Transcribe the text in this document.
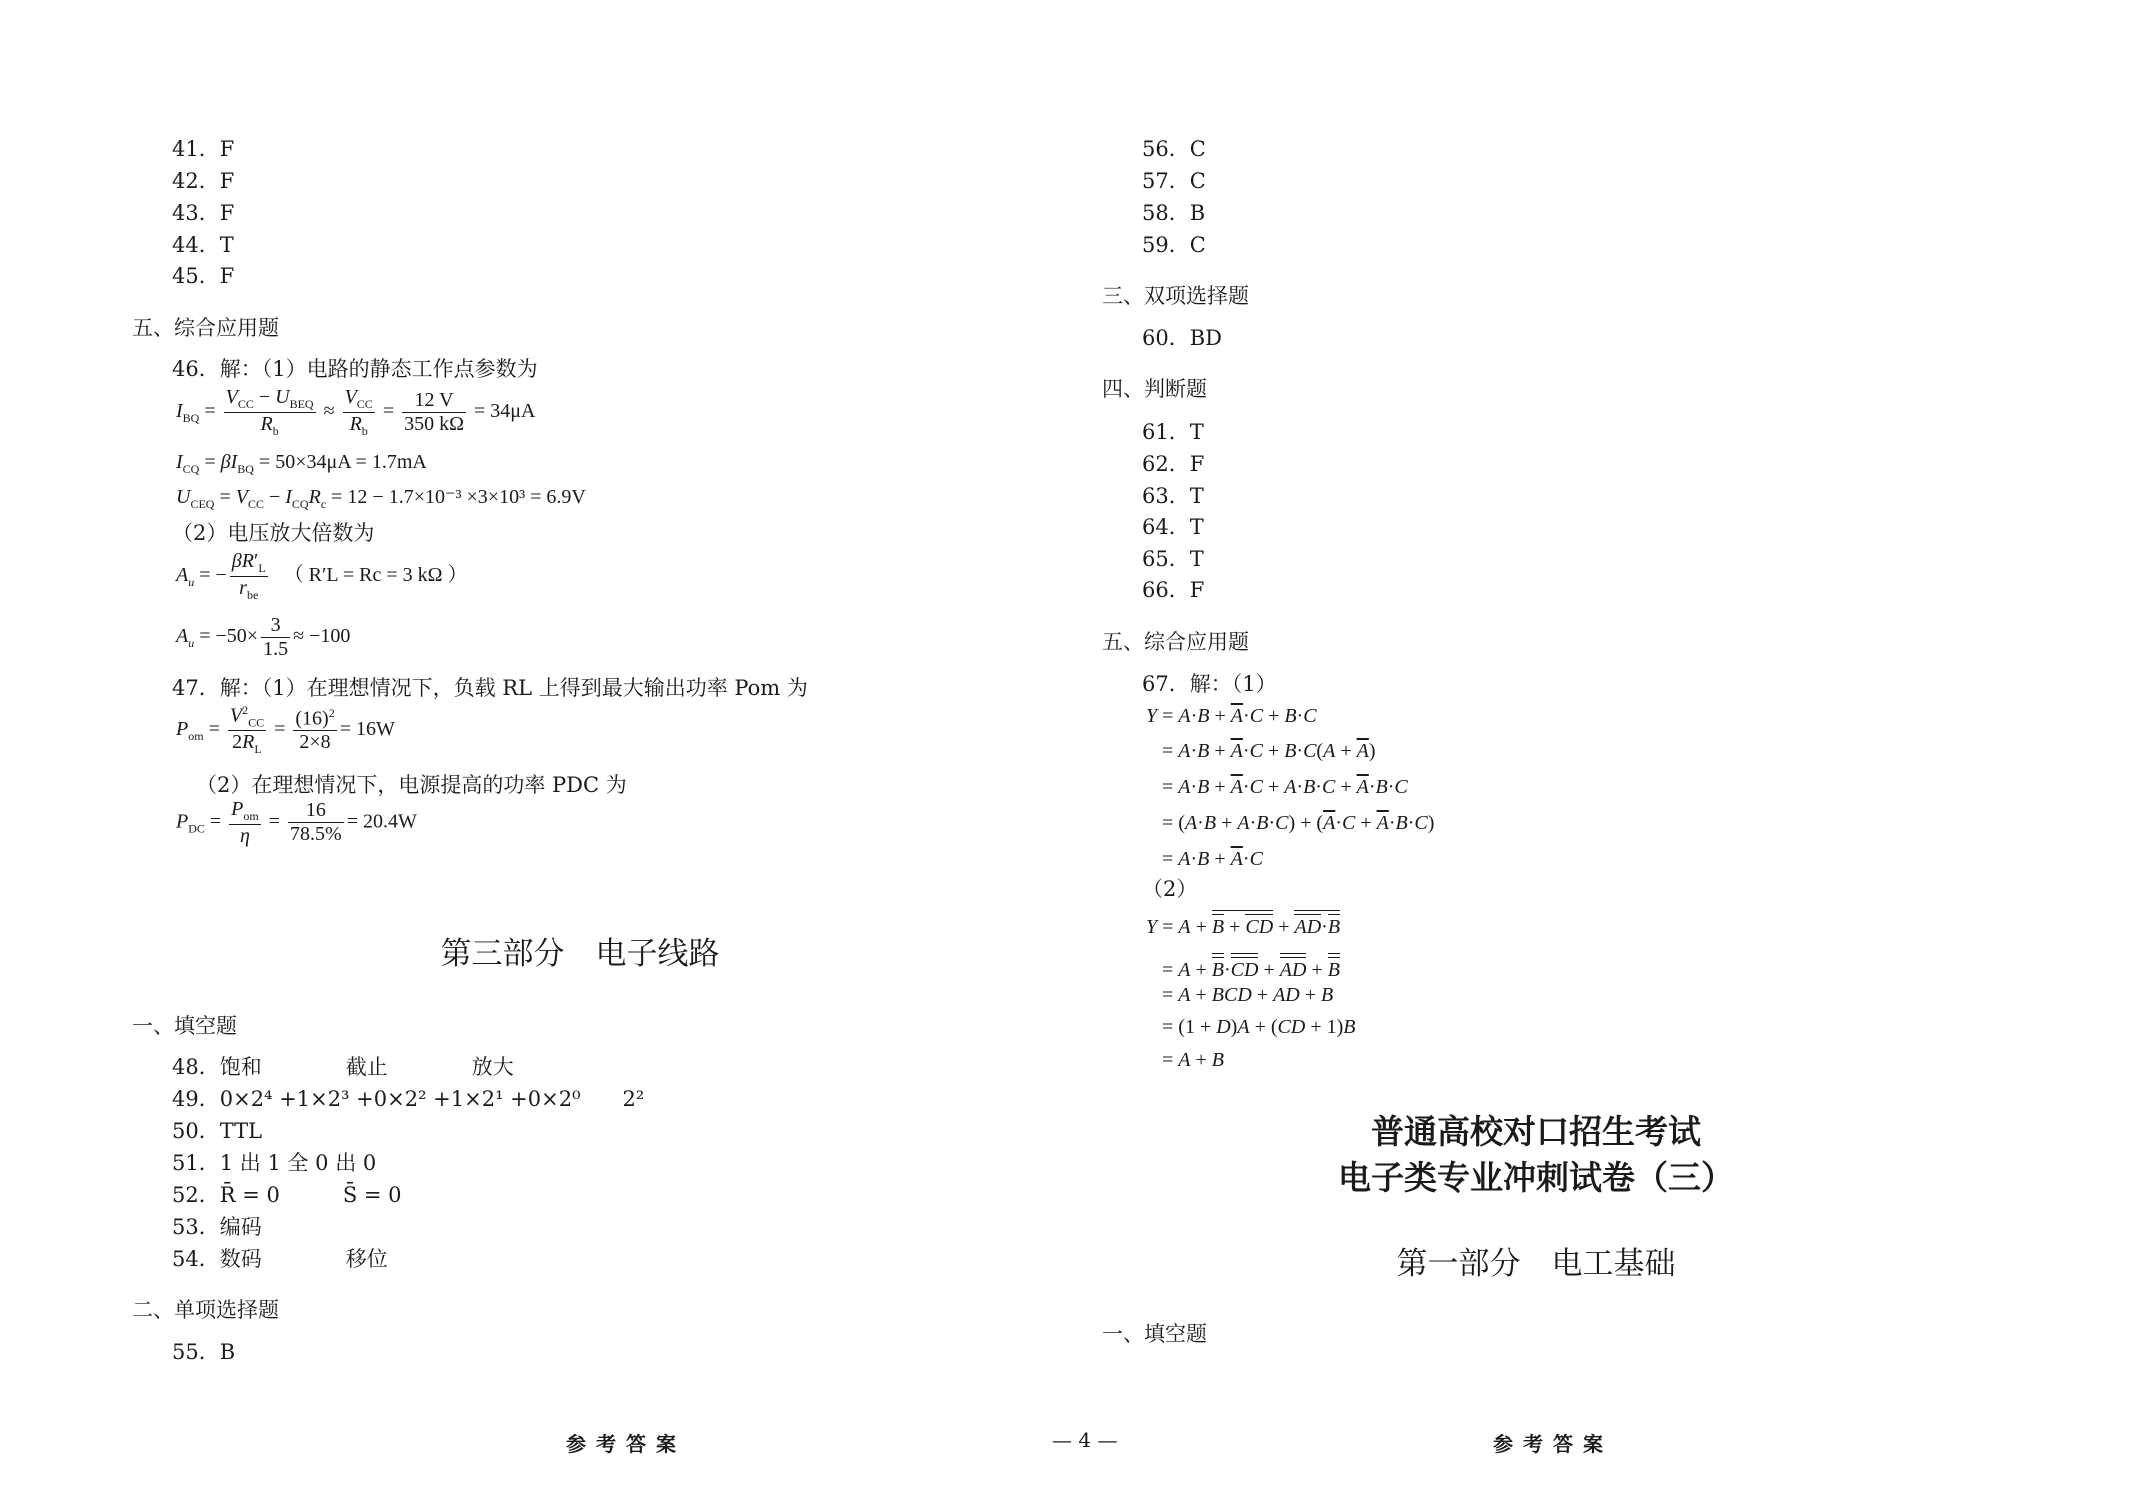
41．F
42．F
43．F
44．T
45．F
五、综合应用题
46．解：（1）电路的静态工作点参数为
$I_{BQ} = \frac{V_{CC} - U_{BEQ}}{R_b} \approx \frac{V_{CC}}{R_b} = \frac{12 V}{350 k\Omega} = 34\mu A$
$I_{CQ} = \beta I_{BQ} = 50\times 34\mu A = 1.7mA$
$U_{CEQ} = V_{CC} - I_{CQ}R_c = 12 - 1.7\times 10^{-3} \times 3\times 10^3 = 6.9V$
（2）电压放大倍数为
$A_u$ = − $\frac{\beta R'_L}{r_{be}}$ （ R′L = Rc = 3 kΩ ）
$A_u = -50\times \frac{3}{1.5} \approx -100$
47．解：（1）在理想情况下，负载 RL 上得到最大输出功率 Pom 为
$P_{om} = \frac{V^2_{CC}}{2R_L} = \frac{(16)^2}{2\times 8} = 16W$
（2）在理想情况下，电源提高的功率 PDC 为
$P_{DC} = \frac{P_{om}}{\eta} = \frac{16}{78.5\%} = 20.4W$
第三部分　电子线路
一、填空题
48．饱和　　　　截止　　　　放大
49．0×2⁴ +1×2³ +0×2² +1×2¹ +0×2⁰　　2²
50．TTL
51．1 出 1 全 0 出 0
52．R̄ = 0　　　S̄ = 0
53．编码
54．数码　　　　移位
二、单项选择题
55．B
参考答案	— 4 —
56．C
57．C
58．B
59．C
三、双项选择题
60．BD
四、判断题
61．T
62．F
63．T
64．T
65．T
66．F
五、综合应用题
67．解：（1）
$Y = A\cdot B + \overline{A}\cdot C + B\cdot C$
= $A\cdot B + \overline{A}\cdot C + B\cdot C(A + \overline{A})$
= $A\cdot B + \overline{A}\cdot C + A\cdot B\cdot C + \overline{A}\cdot B\cdot C$
= $(A\cdot B + A\cdot B\cdot C) + (\overline{A}\cdot C + \overline{A}\cdot B\cdot C)$
= $A\cdot B + \overline{A}\cdot C$
（2）
Y = A + B + CD + AD·B
= A + B·CD + AD + B
= A + BCD + AD + B
= (1 + D)A + (CD + 1)B
= A + B
普通高校对口招生考试
电子类专业冲刺试卷（三）
第一部分　电工基础
一、填空题
参考答案
